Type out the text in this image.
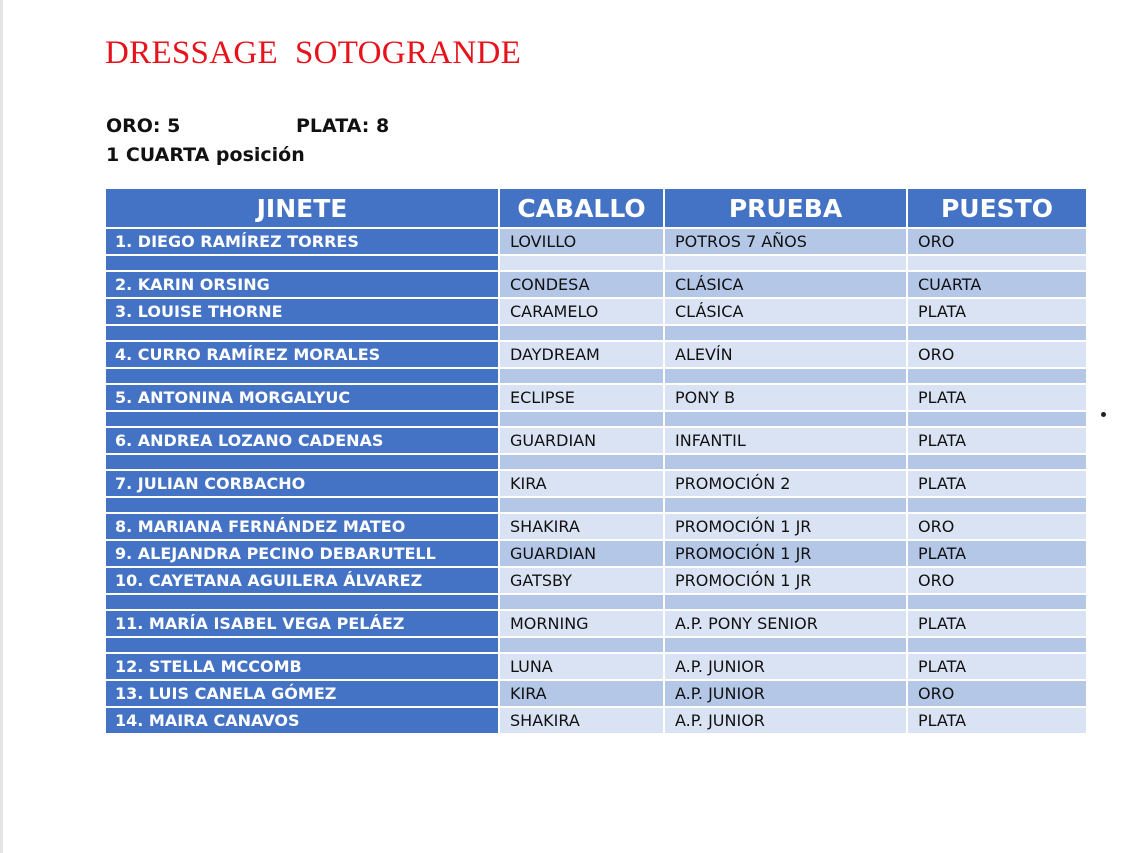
DRESSAGE  SOTOGRANDE
ORO: 5	PLATA: 8
1 CUARTA posición
JINETE	CABALLO	PRUEBA	PUESTO
1. DIEGO RAMÍREZ TORRES	LOVILLO	POTROS 7 AÑOS	ORO

2. KARIN ORSING	CONDESA	CLÁSICA	CUARTA
3. LOUISE THORNE	CARAMELO	CLÁSICA	PLATA

4. CURRO RAMÍREZ MORALES	DAYDREAM	ALEVÍN	ORO

5. ANTONINA MORGALYUC	ECLIPSE	PONY B	PLATA

6. ANDREA LOZANO CADENAS	GUARDIAN	INFANTIL	PLATA

7. JULIAN CORBACHO	KIRA	PROMOCIÓN 2	PLATA

8. MARIANA FERNÁNDEZ MATEO	SHAKIRA	PROMOCIÓN 1 JR	ORO
9. ALEJANDRA PECINO DEBARUTELL	GUARDIAN	PROMOCIÓN 1 JR	PLATA
10. CAYETANA AGUILERA ÁLVAREZ	GATSBY	PROMOCIÓN 1 JR	ORO

11. MARÍA ISABEL VEGA PELÁEZ	MORNING	A.P. PONY SENIOR	PLATA

12. STELLA MCCOMB	LUNA	A.P. JUNIOR	PLATA
13. LUIS CANELA GÓMEZ	KIRA	A.P. JUNIOR	ORO
14. MAIRA CANAVOS	SHAKIRA	A.P. JUNIOR	PLATA
